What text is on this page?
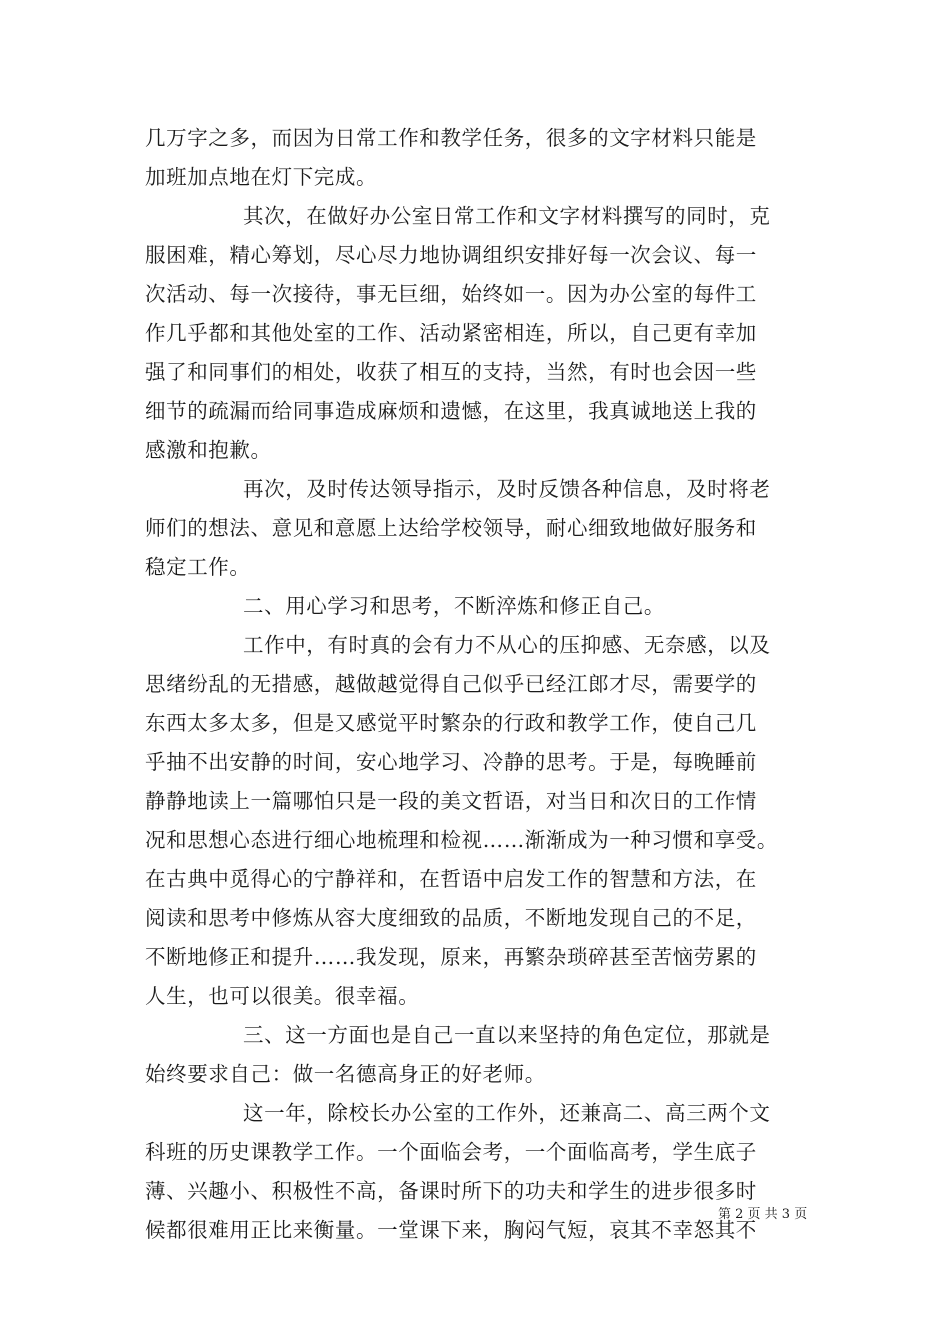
几万字之多，而因为日常工作和教学任务，很多的文字材料只能是
加班加点地在灯下完成。
其次，在做好办公室日常工作和文字材料撰写的同时，克
服困难，精心筹划，尽心尽力地协调组织安排好每一次会议、每一
次活动、每一次接待，事无巨细，始终如一。因为办公室的每件工
作几乎都和其他处室的工作、活动紧密相连，所以，自己更有幸加
强了和同事们的相处，收获了相互的支持，当然，有时也会因一些
细节的疏漏而给同事造成麻烦和遗憾，在这里，我真诚地送上我的
感激和抱歉。
再次，及时传达领导指示，及时反馈各种信息，及时将老
师们的想法、意见和意愿上达给学校领导，耐心细致地做好服务和
稳定工作。
二、用心学习和思考，不断淬炼和修正自己。
工作中，有时真的会有力不从心的压抑感、无奈感，以及
思绪纷乱的无措感，越做越觉得自己似乎已经江郎才尽，需要学的
东西太多太多，但是又感觉平时繁杂的行政和教学工作，使自己几
乎抽不出安静的时间，安心地学习、冷静的思考。于是，每晚睡前
静静地读上一篇哪怕只是一段的美文哲语，对当日和次日的工作情
况和思想心态进行细心地梳理和检视……渐渐成为一种习惯和享受。
在古典中觅得心的宁静祥和，在哲语中启发工作的智慧和方法，在
阅读和思考中修炼从容大度细致的品质，不断地发现自己的不足，
不断地修正和提升……我发现，原来，再繁杂琐碎甚至苦恼劳累的
人生，也可以很美。很幸福。
三、这一方面也是自己一直以来坚持的角色定位，那就是
始终要求自己：做一名德高身正的好老师。
这一年，除校长办公室的工作外，还兼高二、高三两个文
科班的历史课教学工作。一个面临会考，一个面临高考，学生底子
薄、兴趣小、积极性不高，备课时所下的功夫和学生的进步很多时
候都很难用正比来衡量。一堂课下来，胸闷气短，哀其不幸怒其不
第 2 页 共 3 页
